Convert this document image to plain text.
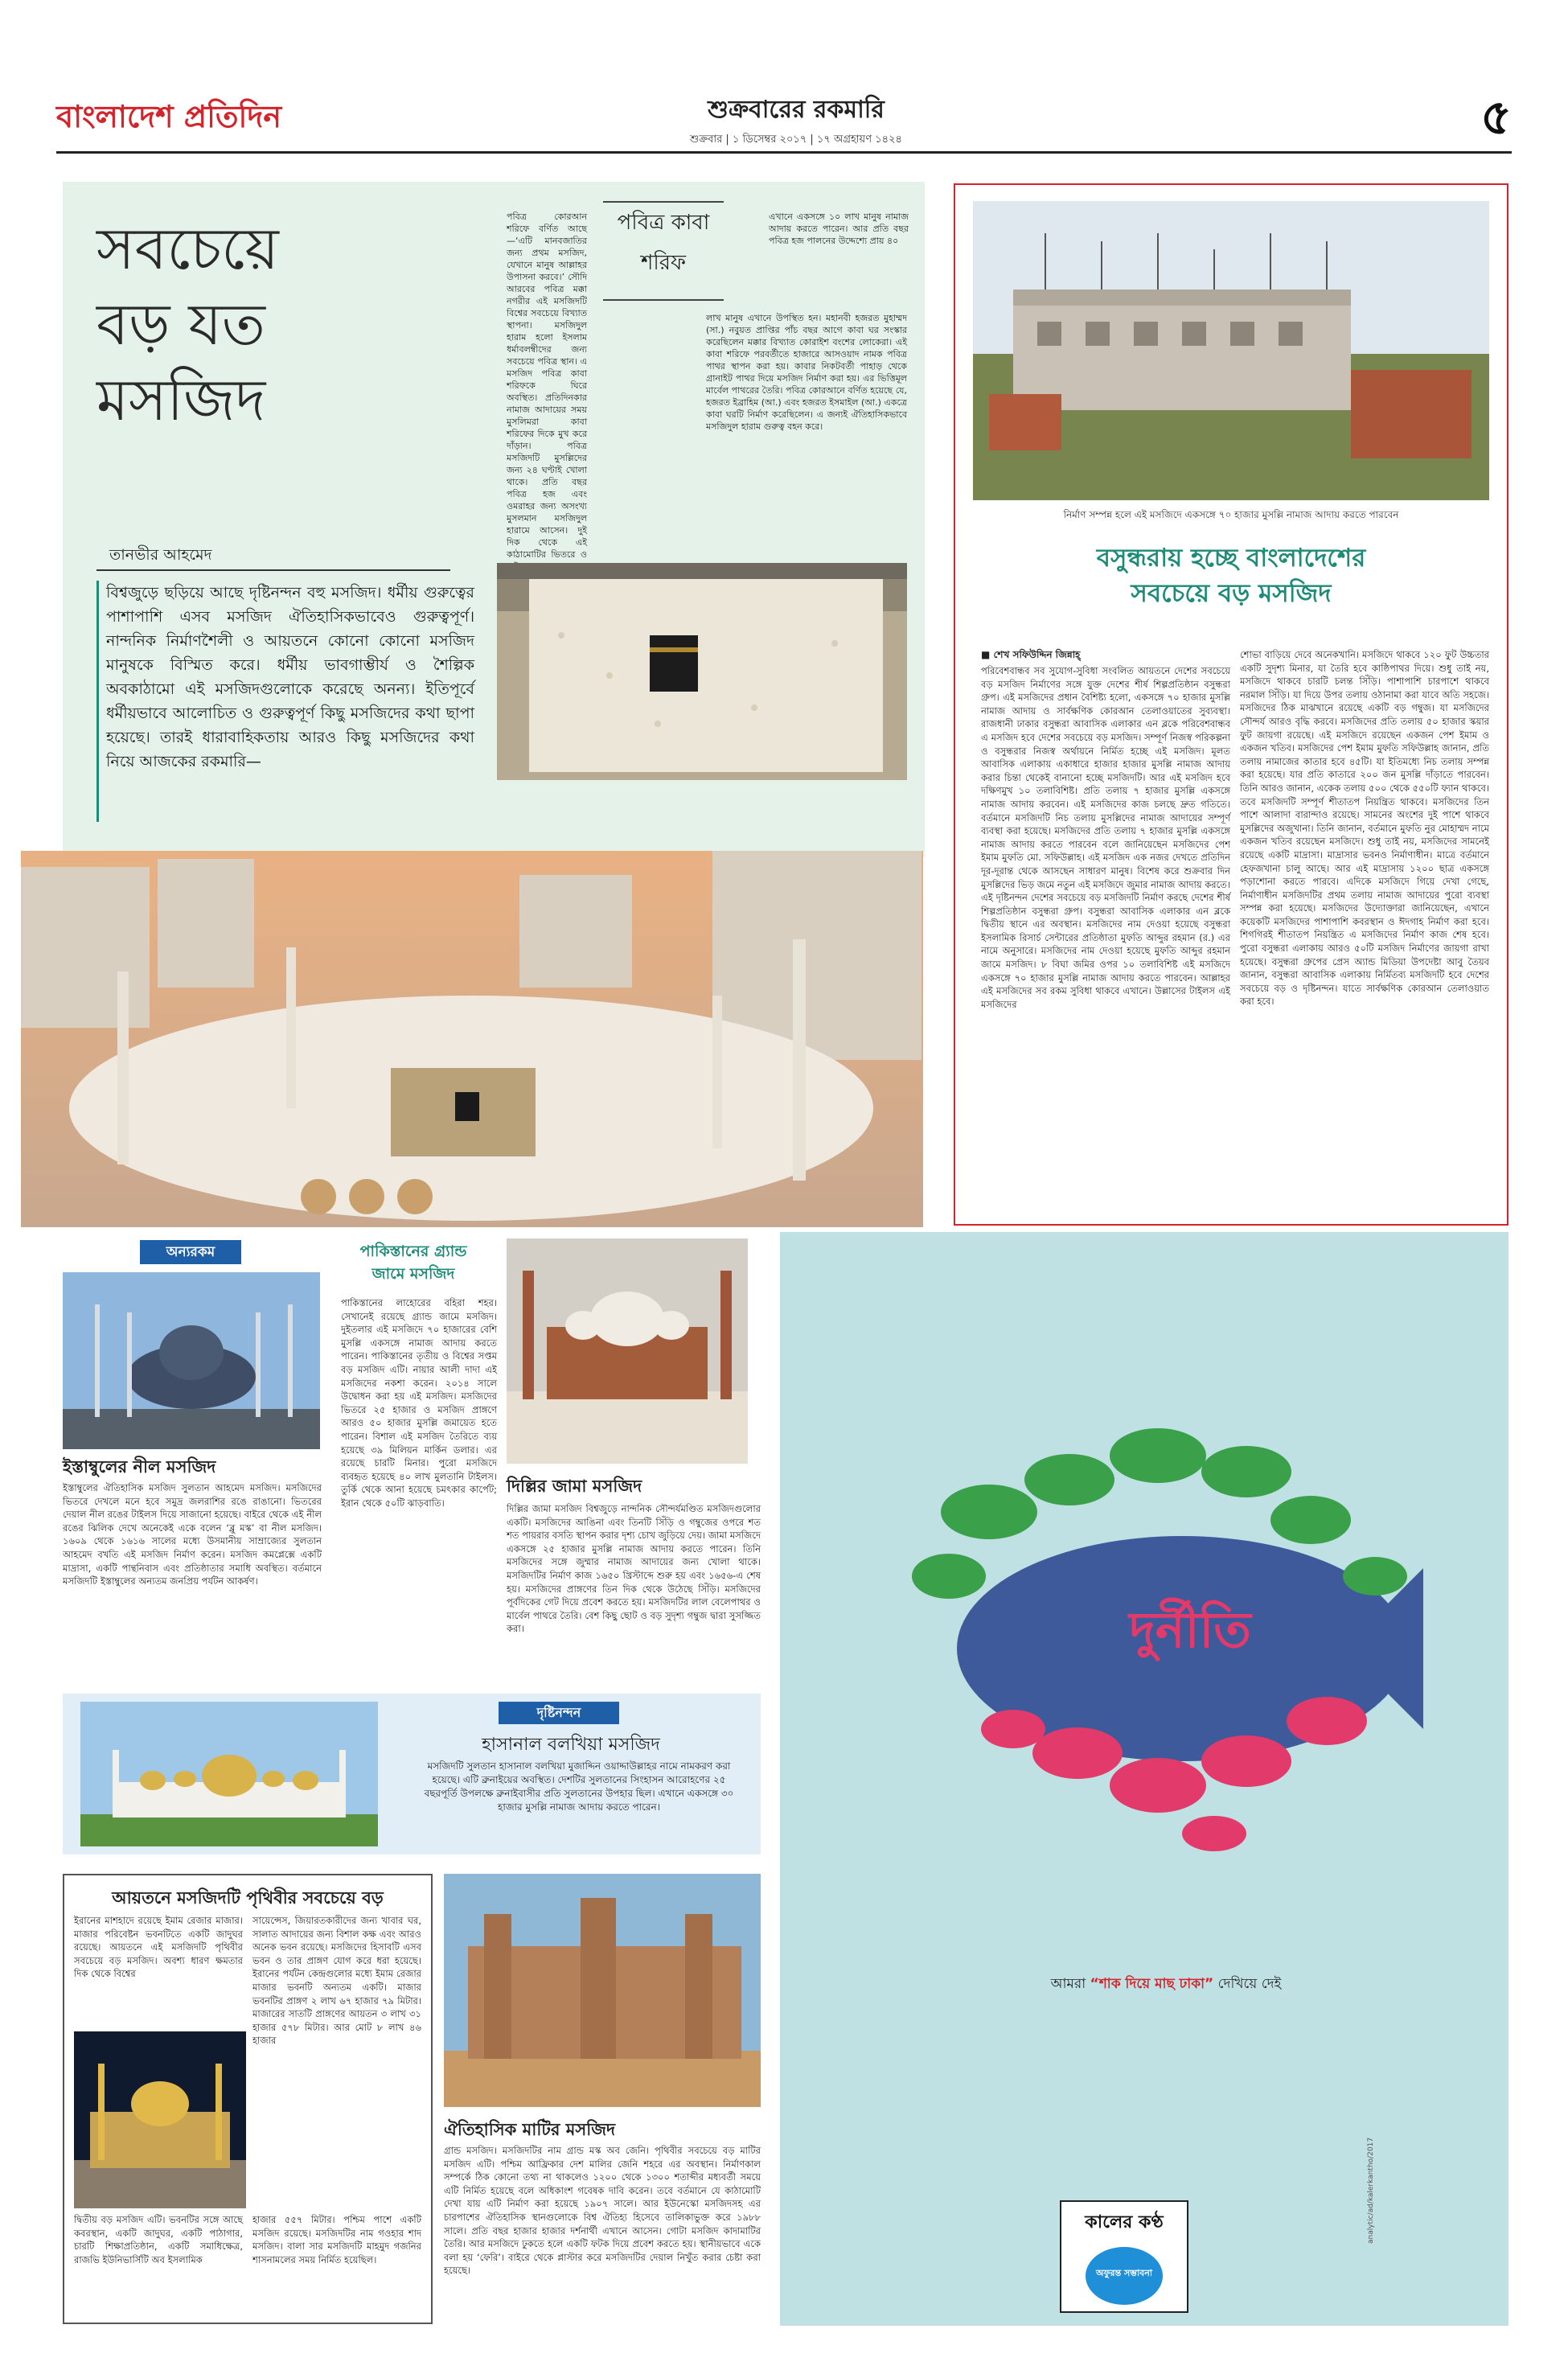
বাংলাদেশ প্রতিদিন	শুক্রবারের রকমারি
শুক্রবার | ১ ডিসেম্বর ২০১৭ | ১৭ অগ্রহায়ণ ১৪২৪	৫
সবচেয়ে
বড় যত
মসজিদ
তানভীর আহমেদ
বিশ্বজুড়ে ছড়িয়ে আছে দৃষ্টিনন্দন বহু মসজিদ। ধর্মীয় গুরুত্বের পাশাপাশি এসব মসজিদ ঐতিহাসিকভাবেও গুরুত্বপূর্ণ। নান্দনিক নির্মাণশৈলী ও আয়তনে কোনো কোনো মসজিদ মানুষকে বিস্মিত করে। ধর্মীয় ভাবগাম্ভীর্য ও শৈল্পিক অবকাঠামো এই মসজিদগুলোকে করেছে অনন্য। ইতিপূর্বে ধর্মীয়ভাবে আলোচিত ও গুরুত্বপূর্ণ কিছু মসজিদের কথা ছাপা হয়েছে। তারই ধারাবাহিকতায় আরও কিছু মসজিদের কথা নিয়ে আজকের রকমারি—
পবিত্র কোরআন শরিফে বর্ণিত আছে—‘এটি মানবজাতির জন্য প্রথম মসজিদ, যেখানে মানুষ আল্লাহর উপাসনা করবে।’ সৌদি আরবের পবিত্র মক্কা নগরীর এই মসজিদটি বিশ্বের সবচেয়ে বিখ্যাত স্থাপনা। মসজিদুল হারাম হলো ইসলাম ধর্মাবলম্বীদের জন্য সবচেয়ে পবিত্র স্থান। এ মসজিদ পবিত্র কাবা শরিফকে ঘিরে অবস্থিত। প্রতিদিনকার নামাজ আদায়ের সময় মুসলিমরা কাবা শরিফের দিকে মুখ করে দাঁড়ান। পবিত্র মসজিদটি মুসল্লিদের জন্য ২৪ ঘণ্টাই খোলা থাকে। প্রতি বছর পবিত্র হজ এবং ওমরাহর জন্য অসংখ্য মুসলমান মসজিদুল হারামে আসেন। দুই দিক থেকে এই কাঠামোটির ভিতরে ও
পবিত্র কাবা
শরিফ
লাখ মানুষ এখানে উপস্থিত হন। মহানবী হজরত মুহাম্মদ (সা.) নবুয়ত প্রাপ্তির পাঁচ বছর আগে কাবা ঘর সংস্কার করেছিলেন মক্কার বিখ্যাত কোরাইশ বংশের লোকেরা। এই কাবা শরিফে পরবর্তীতে হাজারে আসওয়াদ নামক পবিত্র পাথর স্থাপন করা হয়। কাবার নিকটবর্তী পাহাড় থেকে গ্রানাইট পাথর দিয়ে মসজিদ নির্মাণ করা হয়। এর ভিত্তিমূল মার্বেল পাথরের তৈরি। পবিত্র কোরআনে বর্ণিত হয়েছে যে, হজরত ইব্রাহিম (আ.) এবং হজরত ইসমাইল (আ.) একত্রে কাবা ঘরটি নির্মাণ করেছিলেন। এ জন্যই ঐতিহাসিকভাবে মসজিদুল হারাম গুরুত্ব বহন করে।
এখানে একসঙ্গে ১০ লাখ মানুষ নামাজ আদায় করতে পারেন। আর প্রতি বছর পবিত্র হজ পালনের উদ্দেশ্যে প্রায় ৪০
নির্মাণ সম্পন্ন হলে এই মসজিদে একসঙ্গে ৭০ হাজার মুসল্লি নামাজ আদায় করতে পারবেন
বসুন্ধরায় হচ্ছে বাংলাদেশের
সবচেয়ে বড় মসজিদ
■ শেখ সফিউদ্দিন জিন্নাহ্
পরিবেশবান্ধব সব সুযোগ-সুবিধা সংবলিত আয়তনে দেশের সবচেয়ে বড় মসজিদ নির্মাণের সঙ্গে যুক্ত দেশের শীর্ষ শিল্পপ্রতিষ্ঠান বসুন্ধরা গ্রুপ। এই মসজিদের প্রধান বৈশিষ্ট্য হলো, একসঙ্গে ৭০ হাজার মুসল্লি নামাজ আদায় ও সার্বক্ষণিক কোরআন তেলাওয়াতের সুব্যবস্থা। রাজধানী ঢাকার বসুন্ধরা আবাসিক এলাকার এন ব্লকে পরিবেশবান্ধব এ মসজিদ হবে দেশের সবচেয়ে বড় মসজিদ। সম্পূর্ণ নিজস্ব পরিকল্পনা ও বসুন্ধরার নিজস্ব অর্থায়নে নির্মিত হচ্ছে এই মসজিদ। মূলত আবাসিক এলাকায় একাধারে হাজার হাজার মুসল্লি নামাজ আদায় করার চিন্তা থেকেই বানানো হচ্ছে মসজিদটি। আর এই মসজিদ হবে দক্ষিণমুখ ১০ তলাবিশিষ্ট। প্রতি তলায় ৭ হাজার মুসল্লি একসঙ্গে নামাজ আদায় করবেন। এই মসজিদের কাজ চলছে দ্রুত গতিতে। বর্তমানে মসজিদটি নিচ তলায় মুসল্লিদের নামাজ আদায়ের সম্পূর্ণ ব্যবস্থা করা হয়েছে। মসজিদের প্রতি তলায় ৭ হাজার মুসল্লি একসঙ্গে নামাজ আদায় করতে পারবেন বলে জানিয়েছেন মসজিদের পেশ ইমাম মুফতি মো. সফিউল্লাহ। এই মসজিদ এক নজর দেখতে প্রতিদিন দূর-দূরান্ত থেকে আসছেন সাধারণ মানুষ। বিশেষ করে শুক্রবার দিন মুসল্লিদের ভিড় জমে নতুন এই মসজিদে জুমার নামাজ আদায় করতে। এই দৃষ্টিনন্দন দেশের সবচেয়ে বড় মসজিদটি নির্মাণ করছে দেশের শীর্ষ শিল্পপ্রতিষ্ঠান বসুন্ধরা গ্রুপ। বসুন্ধরা আবাসিক এলাকার এন ব্লকে দ্বিতীয় স্থানে এর অবস্থান। মসজিদের নাম দেওয়া হয়েছে বসুন্ধরা ইসলামিক রিসার্চ সেন্টারের প্রতিষ্ঠাতা মুফতি আব্দুর রহমান (র.) এর নামে অনুসারে। মসজিদের নাম দেওয়া হয়েছে মুফতি আব্দুর রহমান জামে মসজিদ। ৮ বিঘা জমির ওপর ১০ তলাবিশিষ্ট এই মসজিদে একসঙ্গে ৭০ হাজার মুসল্লি নামাজ আদায় করতে পারবেন। আল্লাহর এই মসজিদের সব রকম সুবিধা থাকবে এখানে। উল্লাসের টাইলস এই মসজিদের
শোভা বাড়িয়ে দেবে অনেকখানি। মসজিদে থাকবে ১২০ ফুট উচ্চতার একটি সুদৃশ্য মিনার, যা তৈরি হবে কাষ্ঠিপাথর দিয়ে। শুধু তাই নয়, মসজিদে থাকবে চারটি চলন্ত সিঁড়ি। পাশাপাশি চারপাশে থাকবে নরমাল সিঁড়ি। যা দিয়ে উপর তলায় ওঠানামা করা যাবে অতি সহজে। মসজিদের ঠিক মাঝখানে রয়েছে একটি বড় গম্বুজ। যা মসজিদের সৌন্দর্য আরও বৃদ্ধি করবে। মসজিদের প্রতি তলায় ৫০ হাজার স্কয়ার ফুট জায়গা রয়েছে। এই মসজিদে রয়েছেন একজন পেশ ইমাম ও একজন খতিব। মসজিদের পেশ ইমাম মুফতি সফিউল্লাহ জানান, প্রতি তলায় নামাজের কাতার হবে ৪৫টি। যা ইতিমধ্যে নিচ তলায় সম্পন্ন করা হয়েছে। যার প্রতি কাতারে ২০০ জন মুসল্লি দাঁড়াতে পারবেন। তিনি আরও জানান, একেক তলায় ৫০০ থেকে ৫৫০টি ফ্যান থাকবে। তবে মসজিদটি সম্পূর্ণ শীতাতপ নিয়ন্ত্রিত থাকবে। মসজিদের তিন পাশে আলাদা বারান্দাও রয়েছে। সামনের অংশের দুই পাশে থাকবে মুসল্লিদের অজুখানা। তিনি জানান, বর্তমানে মুফতি নুর মোহাম্মদ নামে একজন খতিব রয়েছেন মসজিদে। শুধু তাই নয়, মসজিদের সামনেই রয়েছে একটি মাদ্রাসা। মাদ্রাসার ভবনও নির্মাণাধীন। মাত্রে বর্তমানে হেফজখানা চালু আছে। আর এই মাদ্রাসায় ১২০০ ছাত্র একসঙ্গে পড়াশোনা করতে পারবে। এদিকে মসজিদে গিয়ে দেখা গেছে, নির্মাণাধীন মসজিদটির প্রথম তলায় নামাজ আদায়ের পুরো ব্যবস্থা সম্পন্ন করা হয়েছে। মসজিদের উদ্যোক্তারা জানিয়েছেন, এখানে কয়েকটি মসজিদের পাশাপাশি কবরস্থান ও ঈদগাহ নির্মাণ করা হবে। শিগগিরই শীতাতপ নিয়ন্ত্রিত এ মসজিদের নির্মাণ কাজ শেষ হবে। পুরো বসুন্ধরা এলাকায় আরও ৫০টি মসজিদ নির্মাণের জায়গা রাখা হয়েছে। বসুন্ধরা গ্রুপের প্রেস অ্যান্ড মিডিয়া উপদেষ্টা আবু তৈয়ব জানান, বসুন্ধরা আবাসিক এলাকায় নির্মিতব্য মসজিদটি হবে দেশের সবচেয়ে বড় ও দৃষ্টিনন্দন। যাতে সার্বক্ষণিক কোরআন তেলাওয়াত করা হবে।
অন্যরকম
ইস্তাম্বুলের নীল মসজিদ
ইস্তাম্বুলের ঐতিহাসিক মসজিদ সুলতান আহমেদ মসজিদ। মসজিদের ভিতরে দেখলে মনে হবে সমুদ্র জলরাশির রঙে রাঙানো। ভিতরের দেয়াল নীল রঙের টাইলস দিয়ে সাজানো হয়েছে। বাইরে থেকে এই নীল রঙের ঝিলিক দেখে অনেকেই একে বলেন ‘ব্লু মস্ক’ বা নীল মসজিদ। ১৬০৯ থেকে ১৬১৬ সালের মধ্যে উসমানীয় সাম্রাজ্যের সুলতান আহমেদ বখতি এই মসজিদ নির্মাণ করেন। মসজিদ কমপ্লেক্সে একটি মাদ্রাসা, একটি পান্থনিবাস এবং প্রতিষ্ঠাতার সমাধি অবস্থিত। বর্তমানে মসজিদটি ইস্তাম্বুলের অন্যতম জনপ্রিয় পর্যটন আকর্ষণ।
পাকিস্তানের গ্র্যান্ড
জামে মসজিদ
পাকিস্তানের লাহোরের বহিরা শহর। সেখানেই রয়েছে গ্র্যান্ড জামে মসজিদ। দুইতলার এই মসজিদে ৭০ হাজারের বেশি মুসল্লি একসঙ্গে নামাজ আদায় করতে পারেন। পাকিস্তানের তৃতীয় ও বিশ্বের সপ্তম বড় মসজিদ এটি। নায়ার আলী দাদা এই মসজিদের নকশা করেন। ২০১৪ সালে উদ্বোধন করা হয় এই মসজিদ। মসজিদের ভিতরে ২৫ হাজার ও মসজিদ প্রাঙ্গণে আরও ৫০ হাজার মুসল্লি জমায়েত হতে পারেন। বিশাল এই মসজিদ তৈরিতে ব্যয় হয়েছে ৩৯ মিলিয়ন মার্কিন ডলার। এর রয়েছে চারটি মিনার। পুরো মসজিদে ব্যবহৃত হয়েছে ৪০ লাখ মুলতানি টাইলস। তুর্কি থেকে আনা হয়েছে চমৎকার কার্পেট; ইরান থেকে ৫০টি ঝাড়বাতি।
দিল্লির জামা মসজিদ
দিল্লির জামা মসজিদ বিশ্বজুড়ে নান্দনিক সৌন্দর্যমণ্ডিত মসজিদগুলোর একটি। মসজিদের আঙিনা এবং তিনটি সিঁড়ি ও গম্বুজের ওপরে শত শত পায়রার বসতি স্থাপন করার দৃশ্য চোখ জুড়িয়ে দেয়। জামা মসজিদে একসঙ্গে ২৫ হাজার মুসল্লি নামাজ আদায় করতে পারেন। তিনি মসজিদের সঙ্গে জুম্মার নামাজ আদায়ের জন্য খোলা থাকে। মসজিদটির নির্মাণ কাজ ১৬৫০ খ্রিস্টাব্দে শুরু হয় এবং ১৬৫৬-এ শেষ হয়। মসজিদের প্রাঙ্গণের তিন দিক থেকে উঠেছে সিঁড়ি। মসজিদের পূর্বদিকের গেট দিয়ে প্রবেশ করতে হয়। মসজিদটির লাল বেলেপাথর ও মার্বেল পাথরে তৈরি। বেশ কিছু ছোট ও বড় সুদৃশ্য গম্বুজ দ্বারা সুসজ্জিত করা।
দৃষ্টিনন্দন
হাসানাল বলখিয়া মসজিদ
মসজিদটি সুলতান হাসানাল বলখিয়া মুজাদ্দিন ওয়াদ্দাউল্লাহর নামে নামকরণ করা হয়েছে। এটি ব্রুনাইয়ের অবস্থিত। দেশটির সুলতানের সিংহাসন আরোহণের ২৫ বছরপূর্তি উপলক্ষে ব্রুনাইবাসীর প্রতি সুলতানের উপহার ছিল। এখানে একসঙ্গে ৩০ হাজার মুসল্লি নামাজ আদায় করতে পারেন।
আয়তনে মসজিদটি পৃথিবীর সবচেয়ে বড়
ইরানের মাশহাদে রয়েছে ইমাম রেজার মাজার। মাজার পরিবেষ্টন ভবনটিতে একটি জাদুঘর রয়েছে। আয়তনে এই মসজিদটি পৃথিবীর সবচেয়ে বড় মসজিদ। অবশ্য ধারণ ক্ষমতার দিক থেকে বিশ্বের
সায়েন্সেস, জিয়ারতকারীদের জন্য খাবার ঘর, সালাত আদায়ের জন্য বিশাল কক্ষ এবং আরও অনেক ভবন রয়েছে। মসজিদের হিসাবটি এসব ভবন ও তার প্রাঙ্গণ যোগ করে ধরা হয়েছে। ইরানের পর্যটন কেন্দ্রগুলোর মধ্যে ইমাম রেজার মাজার ভবনটি অন্যতম একটি। মাজার ভবনটির প্রাঙ্গণ ২ লাখ ৬৭ হাজার ৭৯ মিটার। মাজারের সাতটি প্রাঙ্গণের আয়তন ৩ লাখ ৩১ হাজার ৫৭৮ মিটার। আর মোট ৮ লাখ ৪৬ হাজার
দ্বিতীয় বড় মসজিদ এটি। ভবনটির সঙ্গে আছে কবরস্থান, একটি জাদুঘর, একটি পাঠাগার, চারটি শিক্ষাপ্রতিষ্ঠান, একটি সমাধিক্ষেত্র, রাজভি ইউনিভার্সিটি অব ইসলামিক
হাজার ৫৫৭ মিটার। পশ্চিম পাশে একটি মসজিদ রয়েছে। মসজিদটির নাম গওহার শাদ মসজিদ। বালা সার মসজিদটি মাহমুদ গজনির শাসনামলের সময় নির্মিত হয়েছিল।
ঐতিহাসিক মাটির মসজিদ
গ্রান্ড মসজিদ। মসজিদটির নাম গ্রান্ড মস্ক অব জেনি। পৃথিবীর সবচেয়ে বড় মাটির মসজিদ এটি। পশ্চিম আফ্রিকার দেশ মালির জেনি শহরে এর অবস্থান। নির্মাণকাল সম্পর্কে ঠিক কোনো তথ্য না থাকলেও ১২০০ থেকে ১৩০০ শতাব্দীর মধ্যবর্তী সময়ে এটি নির্মিত হয়েছে বলে অধিকাংশ গবেষক দাবি করেন। তবে বর্তমানে যে কাঠামোটি দেখা যায় এটি নির্মাণ করা হয়েছে ১৯০৭ সালে। আর ইউনেস্কো মসজিদসহ এর চারপাশের ঐতিহাসিক স্থানগুলোকে বিশ্ব ঐতিহ্য হিসেবে তালিকাভুক্ত করে ১৯৮৮ সালে। প্রতি বছর হাজার হাজার দর্শনার্থী এখানে আসেন। গোটা মসজিদ কাদামাটির তৈরি। আর মসজিদে ঢুকতে হলে একটি ফটক দিয়ে প্রবেশ করতে হয়। স্থানীয়ভাবে একে বলা হয় ‘ফেরি’। বাইরে থেকে প্লাস্টার করে মসজিদটির দেয়াল নিখুঁত করার চেষ্টা করা হয়েছে।
দুর্নীতি
আমরা “শাক দিয়ে মাছ ঢাকা” দেখিয়ে দেই
কালের কণ্ঠ
অফুরন্ত সম্ভাবনা
analytic/ad/kalerkantho/2017
